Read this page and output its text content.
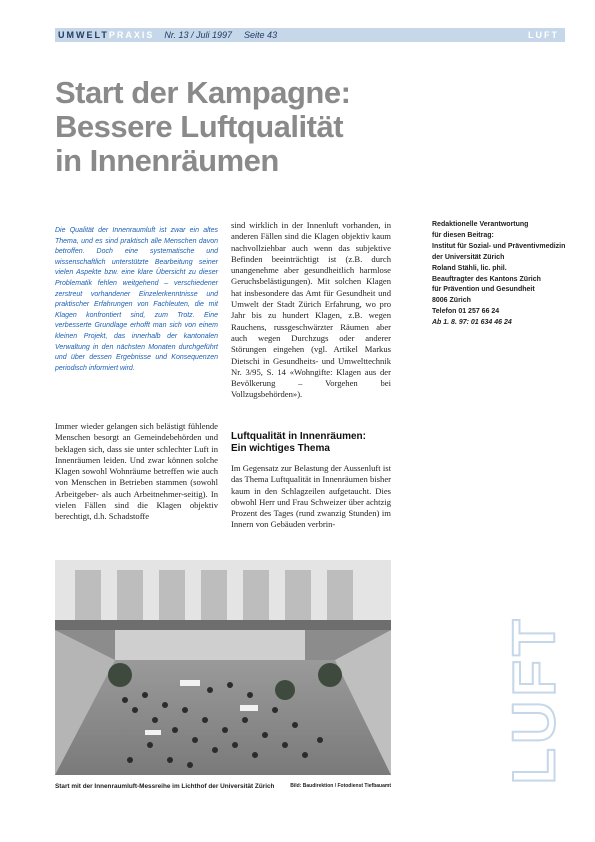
UMWELTPRAXIS Nr. 13 / Juli 1997 Seite 43	LUFT
Start der Kampagne:
Bessere Luftqualität
in Innenräumen

Die Qualität der Innenraumluft ist zwar ein altes Thema, und es sind praktisch alle Menschen davon betroffen. Doch eine systematische und wissenschaftlich unterstützte Bearbeitung seiner vielen Aspekte bzw. eine klare Übersicht zu dieser Problematik fehlen weitgehend – verschiedener zerstreut vorhandener Einzelerkenntnisse und praktischer Erfahrungen von Fachleuten, die mit Klagen konfrontiert sind, zum Trotz. Eine verbesserte Grundlage erhofft man sich von einem kleinen Projekt, das innerhalb der kantonalen Verwaltung in den nächsten Monaten durchgeführt und über dessen Ergebnisse und Konsequenzen periodisch informiert wird.

Immer wieder gelangen sich belästigt fühlende Menschen besorgt an Gemeindebehörden und beklagen sich, dass sie unter schlechter Luft in Innenräumen leiden. Und zwar können solche Klagen sowohl Wohnräume betreffen wie auch von Menschen in Betrieben stammen (sowohl Arbeitgeber- als auch Arbeitnehmer-seitig). In vielen Fällen sind die Klagen objektiv berechtigt, d.h. Schadstoffe

sind wirklich in der Innenluft vorhanden, in anderen Fällen sind die Klagen objektiv kaum nachvollziehbar auch wenn das subjektive Befinden beeinträchtigt ist (z.B. durch unangenehme aber gesundheitlich harmlose Geruchsbelästigungen). Mit solchen Klagen hat insbesondere das Amt für Gesundheit und Umwelt der Stadt Zürich Erfahrung, wo pro Jahr bis zu hundert Klagen, z.B. wegen Rauchens, russgeschwärzter Räumen aber auch wegen Durchzugs oder anderer Störungen eingehen (vgl. Artikel Markus Dietschi in Gesundheits- und Umwelttechnik Nr. 3/95, S. 14 «Wohngifte: Klagen aus der Bevölkerung – Vorgehen bei Vollzugsbehörden»).

Luftqualität in Innenräumen:
Ein wichtiges Thema

Im Gegensatz zur Belastung der Aussenluft ist das Thema Luftqualität in Innenräumen bisher kaum in den Schlagzeilen aufgetaucht. Dies obwohl Herr und Frau Schweizer über achtzig Prozent des Tages (rund zwanzig Stunden) im Innern von Gebäuden verbrin-

Redaktionelle Verantwortung
für diesen Beitrag:
Institut für Sozial- und Präventivmedizin
der Universität Zürich
Roland Stähli, lic. phil.
Beauftragter des Kantons Zürich
für Prävention und Gesundheit
8006 Zürich
Telefon 01 257 66 24
Ab 1. 8. 97: 01 634 46 24
Start mit der Innenraumluft-Messreihe im Lichthof der Universität Zürich	Bild: Baudirektion / Fotodienst Tiefbauamt
LUFT
